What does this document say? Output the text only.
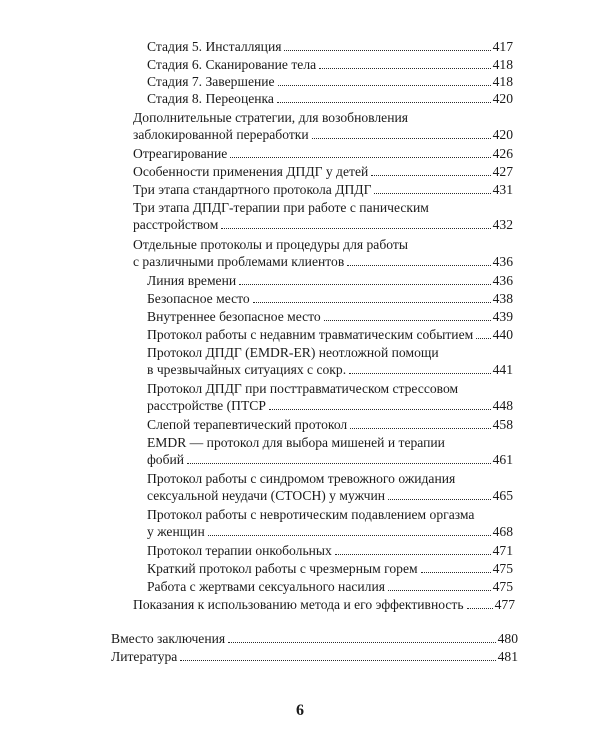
Стадия 5. Инсталляция	417
Стадия 6. Сканирование тела	418
Стадия 7. Завершение	418
Стадия 8. Переоценка	420
Дополнительные стратегии, для возобновления
заблокированной переработки	420
Отреагирование	426
Особенности применения ДПДГ у детей	427
Три этапа стандартного протокола ДПДГ	431
Три этапа ДПДГ-терапии при работе с паническим
расстройством	432
Отдельные протоколы и процедуры для работы
с различными проблемами клиентов	436
Линия времени	436
Безопасное место	438
Внутреннее безопасное место	439
Протокол работы с недавним травматическим событием 440
Протокол ДПДГ (EMDR-ER) неотложной помощи
в чрезвычайных ситуациях с сокр.	441
Протокол ДПДГ при посттравматическом стрессовом
расстройстве (ПТСР	448
Слепой терапевтический протокол	458
EMDR — протокол для выбора мишеней и терапии
фобий	461
Протокол работы с синдромом тревожного ожидания
сексуальной неудачи (СТОСН) у мужчин	465
Протокол работы с невротическим подавлением оргазма
у женщин	468
Протокол терапии онкобольных	471
Краткий протокол работы с чрезмерным горем	475
Работа с жертвами сексуального насилия	475
Показания к использованию метода и его эффективность 477
Вместо заключения	480
Литература	481
6
